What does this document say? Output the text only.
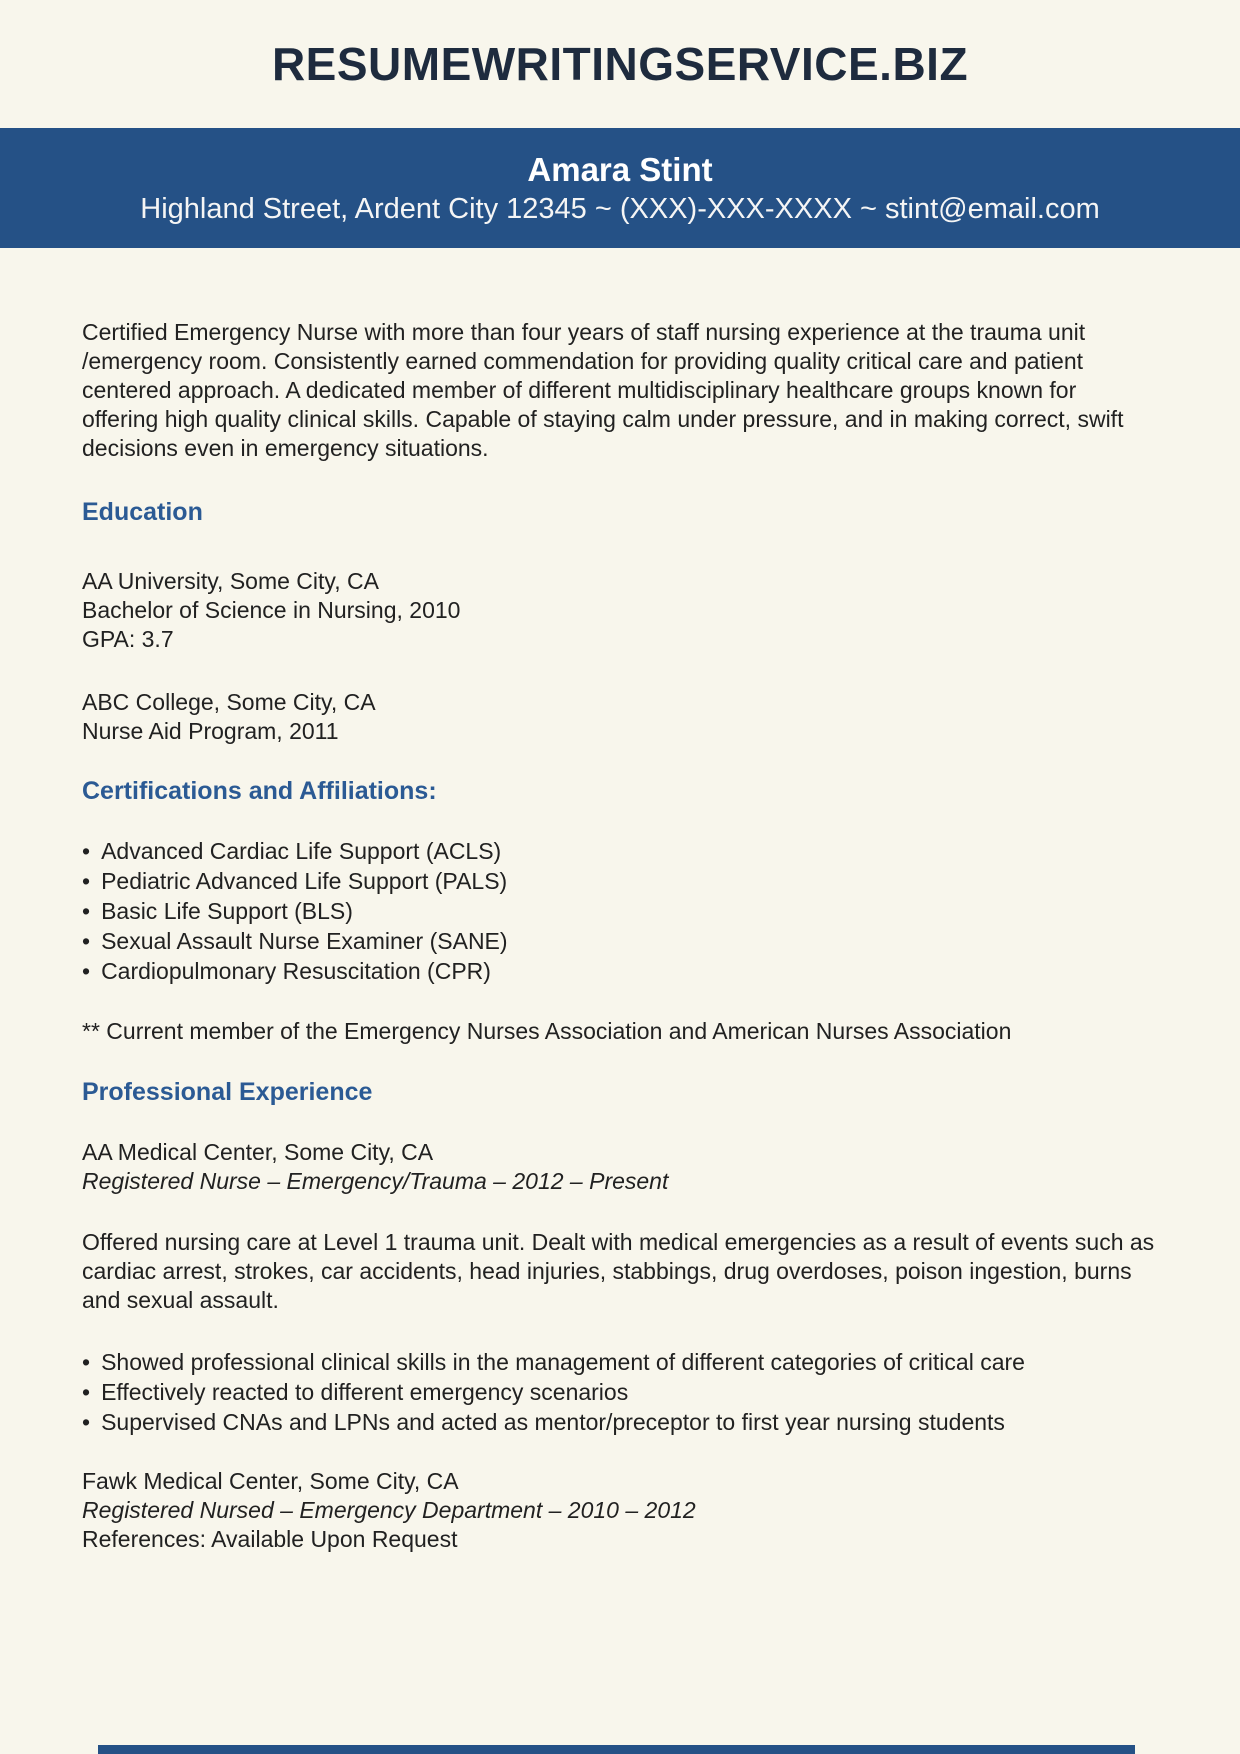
RESUMEWRITINGSERVICE.BIZ
Amara Stint
Highland Street, Ardent City 12345 ~ (XXX)-XXX-XXXX ~ stint@email.com

Certified Emergency Nurse with more than four years of staff nursing experience at the trauma unit /emergency room. Consistently earned commendation for providing quality critical care and patient centered approach. A dedicated member of different multidisciplinary healthcare groups known for offering high quality clinical skills. Capable of staying calm under pressure, and in making correct, swift decisions even in emergency situations.

Education
AA University, Some City, CA
Bachelor of Science in Nursing, 2010
GPA: 3.7
ABC College, Some City, CA
Nurse Aid Program, 2011
Certifications and Affiliations:
• Advanced Cardiac Life Support (ACLS)
• Pediatric Advanced Life Support (PALS)
• Basic Life Support (BLS)
• Sexual Assault Nurse Examiner (SANE)
• Cardiopulmonary Resuscitation (CPR)
** Current member of the Emergency Nurses Association and American Nurses Association
Professional Experience
AA Medical Center, Some City, CA
Registered Nurse – Emergency/Trauma – 2012 – Present

Offered nursing care at Level 1 trauma unit. Dealt with medical emergencies as a result of events such as cardiac arrest, strokes, car accidents, head injuries, stabbings, drug overdoses, poison ingestion, burns and sexual assault.

• Showed professional clinical skills in the management of different categories of critical care
• Effectively reacted to different emergency scenarios
• Supervised CNAs and LPNs and acted as mentor/preceptor to first year nursing students
Fawk Medical Center, Some City, CA
Registered Nursed – Emergency Department – 2010 – 2012
References: Available Upon Request
